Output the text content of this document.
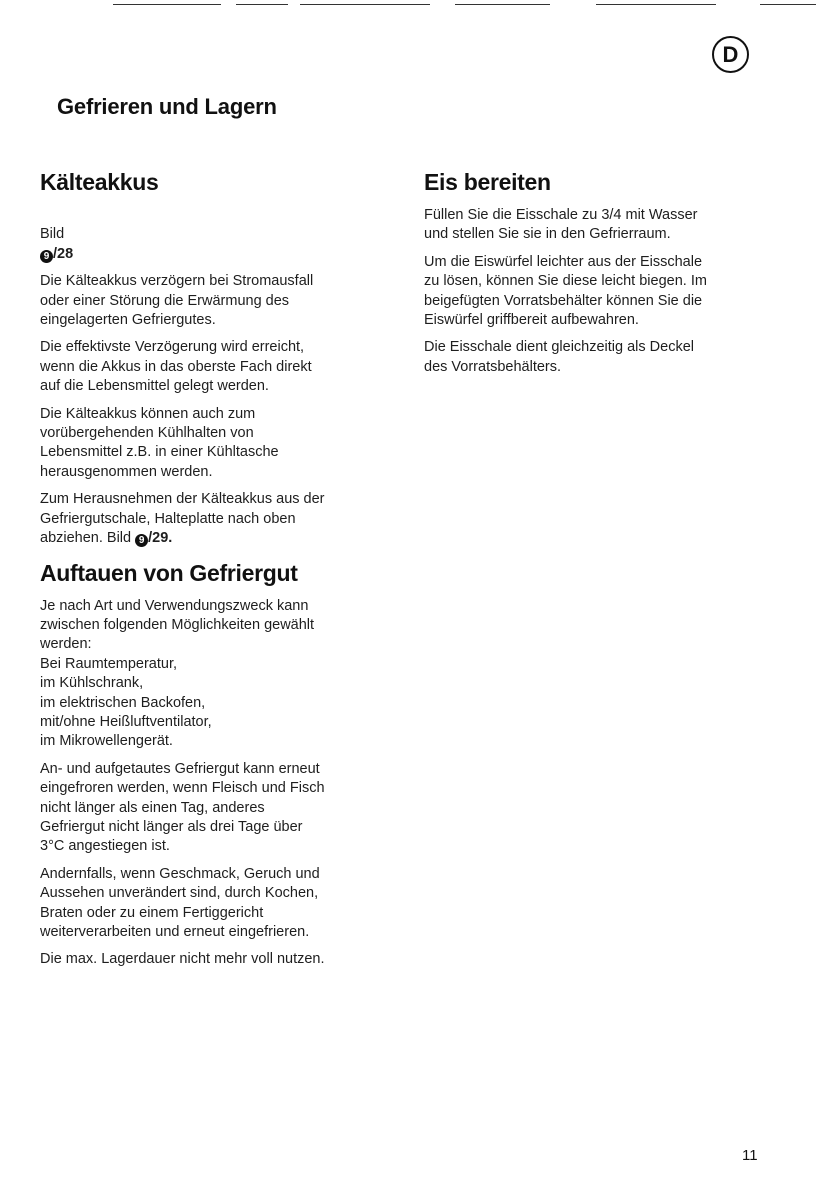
D
Gefrieren und Lagern
Kälteakkus

Bild
9 /28

Die Kälteakkus verzögern bei Stromausfall
oder einer Störung die Erwärmung des
eingelagerten Gefriergutes.

Die effektivste Verzögerung wird erreicht,
wenn die Akkus in das oberste Fach direkt
auf die Lebensmittel gelegt werden.

Die Kälteakkus können auch zum
vorübergehenden Kühlhalten von
Lebensmittel z.B. in einer Kühltasche
herausgenommen werden.

Zum Herausnehmen der Kälteakkus aus der
Gefriergutschale, Halteplatte nach oben
abziehen. Bild 9 /29.

Auftauen von Gefriergut

Je nach Art und Verwendungszweck kann
zwischen folgenden Möglichkeiten gewählt
werden:
Bei Raumtemperatur,
im Kühlschrank,
im elektrischen Backofen,
mit/ohne Heißluftventilator,
im Mikrowellengerät.

An- und aufgetautes Gefriergut kann erneut
eingefroren werden, wenn Fleisch und Fisch
nicht länger als einen Tag, anderes
Gefriergut nicht länger als drei Tage über
3°C angestiegen ist.

Andernfalls, wenn Geschmack, Geruch und
Aussehen unverändert sind, durch Kochen,
Braten oder zu einem Fertiggericht
weiterverarbeiten und erneut eingefrieren.

Die max. Lagerdauer nicht mehr voll nutzen.

Eis bereiten

Füllen Sie die Eisschale zu 3/4 mit Wasser
und stellen Sie sie in den Gefrierraum.

Um die Eiswürfel leichter aus der Eisschale
zu lösen, können Sie diese leicht biegen. Im
beigefügten Vorratsbehälter können Sie die
Eiswürfel griffbereit aufbewahren.

Die Eisschale dient gleichzeitig als Deckel
des Vorratsbehälters.

11
